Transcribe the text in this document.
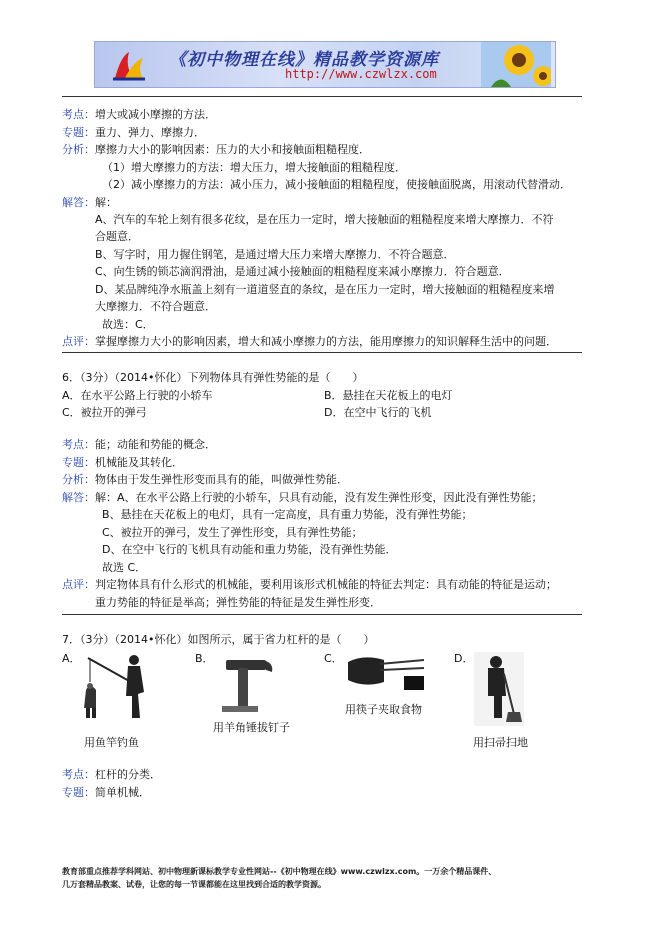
《初中物理在线》精品教学资源库
http://www.czwlzx.com
考点：增大或减小摩擦的方法．
专题：重力、弹力、摩擦力．
分析：摩擦力大小的影响因素：压力的大小和接触面粗糙程度．
（1）增大摩擦力的方法：增大压力，增大接触面的粗糙程度．
（2）减小摩擦力的方法：减小压力，减小接触面的粗糙程度，使接触面脱离，用滚动代替滑动．
解答：解：
A、汽车的车轮上刻有很多花纹，是在压力一定时，增大接触面的粗糙程度来增大摩擦力．不符
合题意．
B、写字时，用力握住钢笔，是通过增大压力来增大摩擦力．不符合题意．
C、向生锈的锁芯滴润滑油，是通过减小接触面的粗糙程度来减小摩擦力．符合题意．
D、某品牌纯净水瓶盖上刻有一道道竖直的条纹，是在压力一定时，增大接触面的粗糙程度来增
大摩擦力．不符合题意．
故选：C．
点评：掌握摩擦力大小的影响因素，增大和减小摩擦力的方法，能用摩擦力的知识解释生活中的问题．
6．（3分）（2014•怀化）下列物体具有弹性势能的是（　　）
A．在水平公路上行驶的小轿车	B．悬挂在天花板上的电灯
C．被拉开的弹弓	D．在空中飞行的飞机
考点：能；动能和势能的概念．
专题：机械能及其转化．
分析：物体由于发生弹性形变而具有的能，叫做弹性势能．
解答：解：A、在水平公路上行驶的小轿车，只具有动能，没有发生弹性形变，因此没有弹性势能；
B、悬挂在天花板上的电灯，具有一定高度，具有重力势能，没有弹性势能；
C、被拉开的弹弓，发生了弹性形变，具有弹性势能；
D、在空中飞行的飞机具有动能和重力势能，没有弹性势能．
故选 C．
点评：判定物体具有什么形式的机械能，要利用该形式机械能的特征去判定：具有动能的特征是运动；
重力势能的特征是举高；弹性势能的特征是发生弹性形变．
7．（3分）（2014•怀化）如图所示，属于省力杠杆的是（　　）
A．
用鱼竿钓鱼
B．
用羊角锤拔钉子
C．
用筷子夹取食物
D．
用扫帚扫地
考点：杠杆的分类．
专题：简单机械．
教育部重点推荐学科网站、初中物理新课标教学专业性网站--《初中物理在线》www.czwlzx.com。一万余个精品课件、
几万套精品教案、试卷，让您的每一节课都能在这里找到合适的教学资源。
